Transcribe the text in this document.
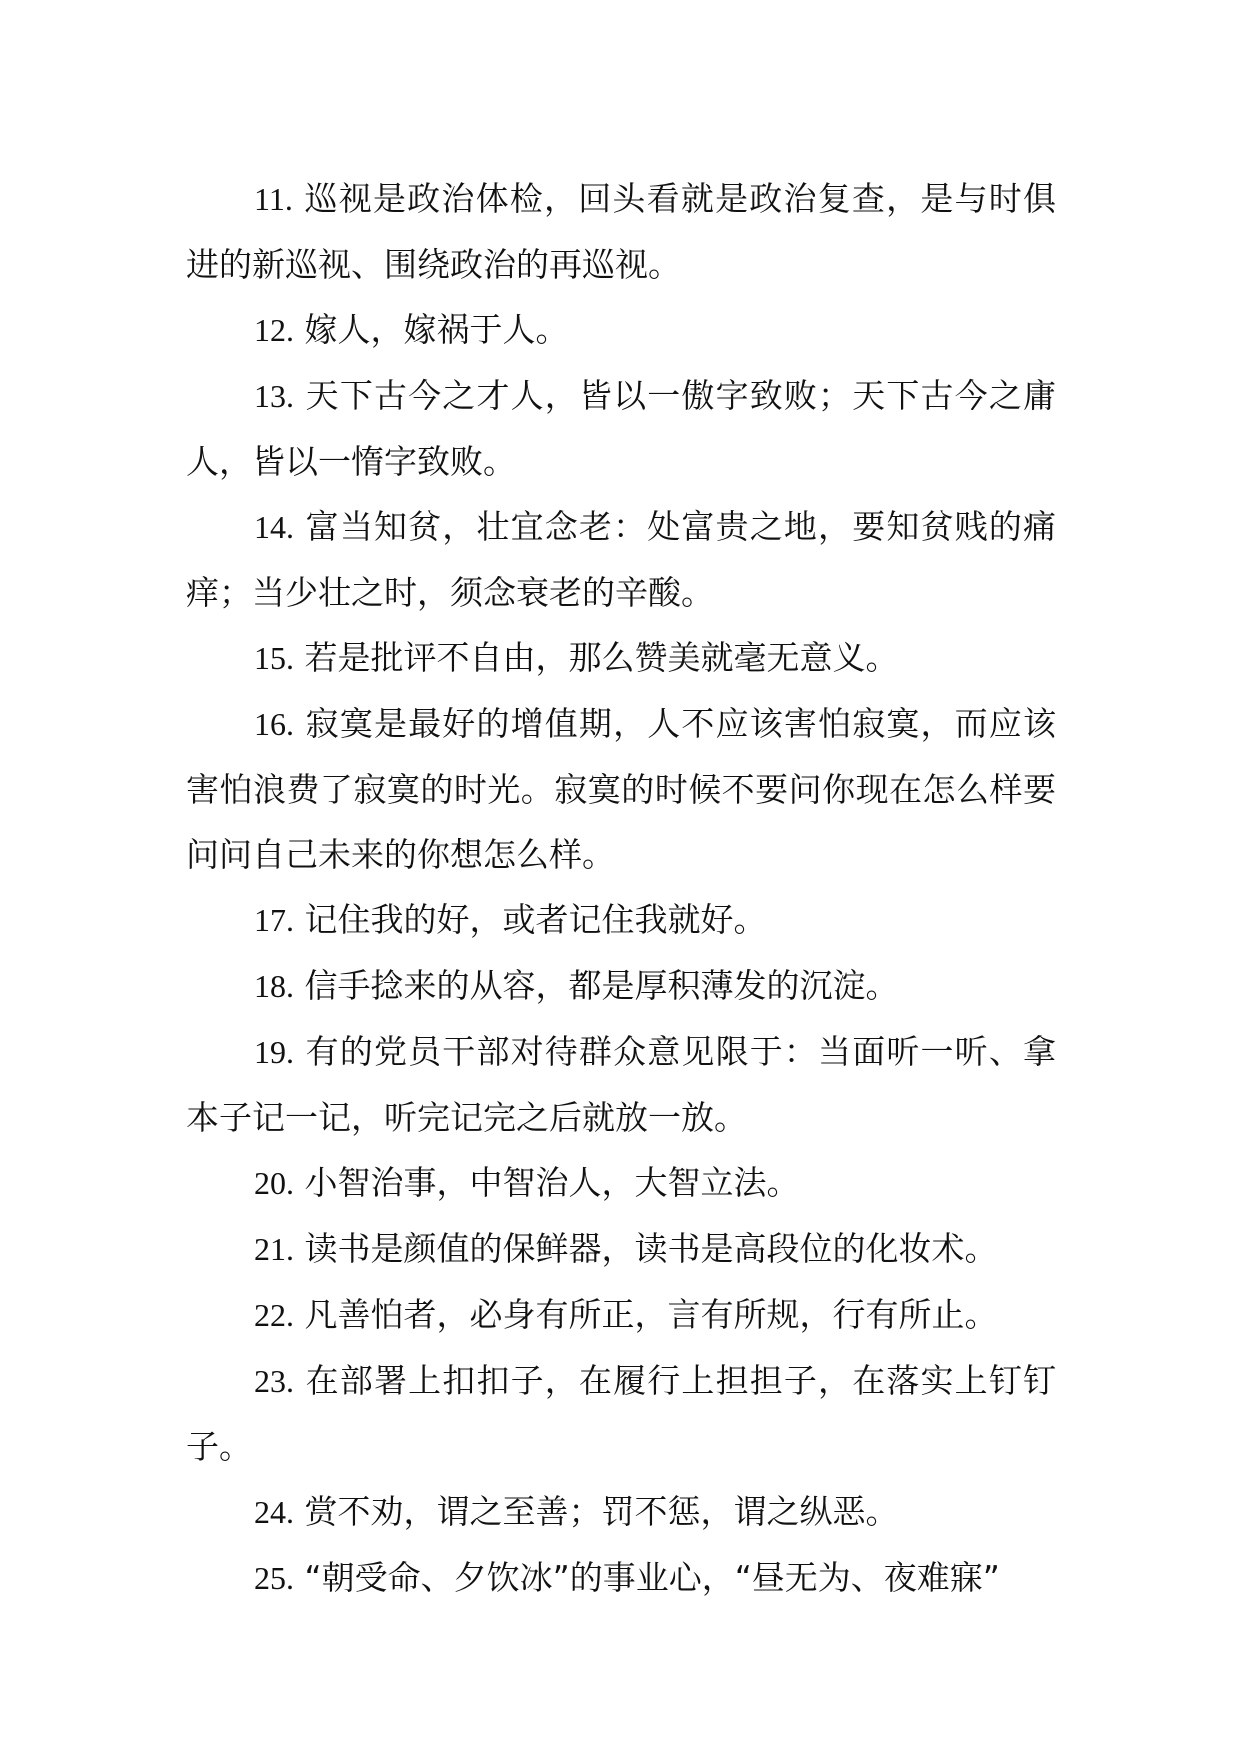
11. 巡视是政治体检，回头看就是政治复查，是与时俱进的新巡视、围绕政治的再巡视。

12. 嫁人，嫁祸于人。

13. 天下古今之才人，皆以一傲字致败；天下古今之庸人，皆以一惰字致败。

14. 富当知贫，壮宜念老：处富贵之地，要知贫贱的痛痒；当少壮之时，须念衰老的辛酸。

15. 若是批评不自由，那么赞美就毫无意义。

16. 寂寞是最好的增值期，人不应该害怕寂寞，而应该害怕浪费了寂寞的时光。寂寞的时候不要问你现在怎么样要问问自己未来的你想怎么样。

17. 记住我的好，或者记住我就好。

18. 信手捻来的从容，都是厚积薄发的沉淀。

19. 有的党员干部对待群众意见限于：当面听一听、拿本子记一记，听完记完之后就放一放。

20. 小智治事，中智治人，大智立法。

21. 读书是颜值的保鲜器，读书是高段位的化妆术。

22. 凡善怕者，必身有所正，言有所规，行有所止。

23. 在部署上扣扣子，在履行上担担子，在落实上钉钉子。

24. 赏不劝，谓之至善；罚不惩，谓之纵恶。

25. “朝受命、夕饮冰”的事业心，“昼无为、夜难寐”
